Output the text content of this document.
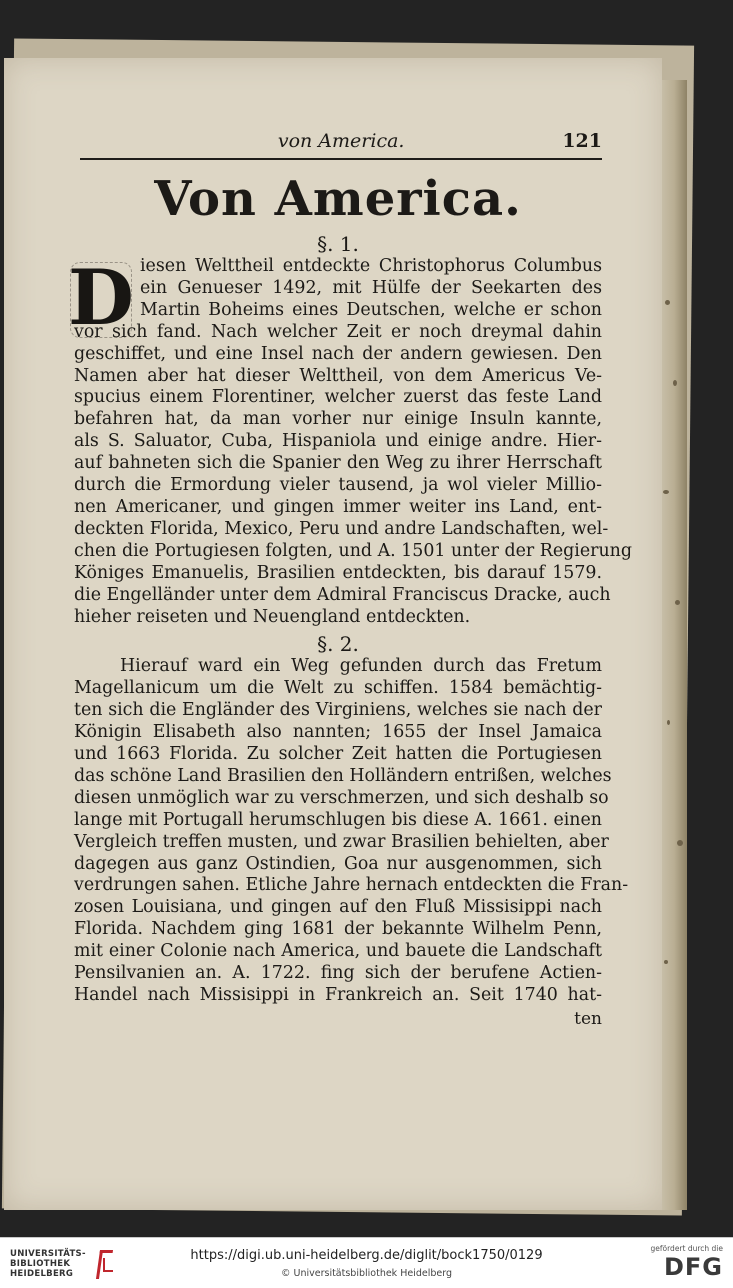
von America.	121
Von America.
§. 1.
D iesen Welttheil entdeckte Christophorus Columbus
ein Genueser 1492, mit Hülfe der Seekarten des
Martin Boheims eines Deutschen, welche er schon
vor sich fand. Nach welcher Zeit er noch dreymal dahin
geschiffet, und eine Insel nach der andern gewiesen. Den
Namen aber hat dieser Welttheil, von dem Americus Ve-
spucius einem Florentiner, welcher zuerst das feste Land
befahren hat, da man vorher nur einige Insuln kannte,
als S. Saluator, Cuba, Hispaniola und einige andre. Hier-
auf bahneten sich die Spanier den Weg zu ihrer Herrschaft
durch die Ermordung vieler tausend, ja wol vieler Millio-
nen Americaner, und gingen immer weiter ins Land, ent-
deckten Florida, Mexico, Peru und andre Landschaften, wel-
chen die Portugiesen folgten, und A. 1501 unter der Regierung
Königes Emanuelis, Brasilien entdeckten, bis darauf 1579.
die Engelländer unter dem Admiral Franciscus Dracke, auch
hieher reiseten und Neuengland entdeckten.
§. 2.
Hierauf ward ein Weg gefunden durch das Fretum
Magellanicum um die Welt zu schiffen. 1584 bemächtig-
ten sich die Engländer des Virginiens, welches sie nach der
Königin Elisabeth also nannten; 1655 der Insel Jamaica
und 1663 Florida. Zu solcher Zeit hatten die Portugiesen
das schöne Land Brasilien den Holländern entrißen, welches
diesen unmöglich war zu verschmerzen, und sich deshalb so
lange mit Portugall herumschlugen bis diese A. 1661. einen
Vergleich treffen musten, und zwar Brasilien behielten, aber
dagegen aus ganz Ostindien, Goa nur ausgenommen, sich
verdrungen sahen. Etliche Jahre hernach entdeckten die Fran-
zosen Louisiana, und gingen auf den Fluß Missisippi nach
Florida. Nachdem ging 1681 der bekannte Wilhelm Penn,
mit einer Colonie nach America, und bauete die Landschaft
Pensilvanien an. A. 1722. fing sich der berufene Actien-
Handel nach Missisippi in Frankreich an. Seit 1740 hat-
ten
UNIVERSITÄTS-
BIBLIOTHEK
HEIDELBERG
https://digi.ub.uni-heidelberg.de/diglit/bock1750/0129
© Universitätsbibliothek Heidelberg
gefördert durch die
DFG
